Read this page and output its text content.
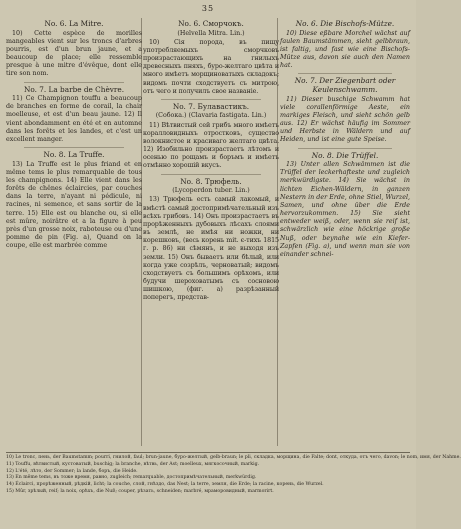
35
No. 6. La Mitre.

10) Cette espèce de morilles mangeables vient sur les troncs d'arbres pourris, est d'un brun jaune, et a beaucoup de place; elle ressemble presque à une mitre d'évêque, dont elle tire son nom.

No. 7. La barbe de Chèvre.

11) Ce Champignon touffu a beaucoup de branches en forme de corail, la chair moelleuse, et est d'un beau jaune. 12) Il vient abondamment en été et en automne dans les forêts et les landes, et c'est un excellent manger.

No. 8. La Truffe.

13) La Truffe est le plus friand et en même tems le plus remarquable de tous les champignons. 14) Elle vient dans les forêts de chênes éclaircies, par couches dans la terre, n'ayant ni pédicule, ni racines, ni semence, et sans sortir de la terre. 15) Elle est ou blanche ou, si elle est mûre, noirâtre et a la figure à peu près d'un grosse noix, raboteuse ou d'une pomme de pin (Fig. a), Quand on la coupe, elle est marbrée comme

No. 6. Сморчокъ.
(Helvella Mitra. Lin.)

10) Сія порода, въ пищу употребляемыхъ сморчковъ произрастающихъ на гнилыхъ древесныхъ пняхъ, буро-желтаго цвѣта и много имѣетъ морщиноватыхъ складокъ; видомъ почти сходствуетъ съ митрою, отъ чего и получилъ свое названіе.

No. 7. Булавастикъ.
(Собока.) (Clavaria fastigata. Lin.)

11) Вѣтвистый сей грибъ много имѣетъ коралловидныхъ отростковъ, существо волокнистое и красиваго желтаго цвѣта. 12) Изобильно произрастаетъ лѣтомъ и осенью по рощамъ и боръмъ и имѣетъ отмѣнно хорошій вкусъ.

No. 8. Трюфель.
(Lycoperdon tuber. Lin.)

13) Трюфель есть самый лакомый, и вмѣстѣ самый достопримѣчательный изъ всѣхъ грибовъ. 14) Онъ произрастаетъ въ прорѣженныхъ дубовыхъ лѣсахъ слоями въ землѣ, не имѣя ни ножки, ни корешковъ, (весь корень mit. є-тихъ 1815 г. р. 86) ни сѣмянъ, и не выходя изъ земли. 15) Онъ бываетъ или бѣлый, или когда уже созрѣлъ, черноватый; видомъ сходствуетъ съ большимъ орѣхомъ, или будучи шероховатымъ съ сосновою шишкою, (фиг. a) разрѣзанный поперегъ, представ-

No. 6. Die Bischofs-Mütze.

10) Diese eßbare Morchel wächst auf faulen Baumstämmen, sieht gelbbraun, ist faltig, und fast wie eine Bischofs-Mütze aus, davon sie auch den Namen hat.

No. 7. Der Ziegenbart oder Keulenschwamm.

11) Dieser buschige Schwamm hat viele corallenförmige Aeste, ein markiges Fleisch, und sieht schön gelb aus. 12) Er wächst häufig im Sommer und Herbste in Wäldern und auf Heiden, und ist eine gute Speise.

No. 8. Die Trüffel.

13) Unter allen Schwämmen ist die Trüffel der leckerhafteste und zugleich merkwürdigste. 14) Sie wächst in lichten Eichen-Wäldern, in ganzen Nestern in der Erde, ohne Stiel, Wurzel, Samen, und ohne über die Erde hervorzukommen. 15) Sie sieht entweder weiß, oder, wenn sie reif ist, schwärzlich wie eine höckrige große Nuß, oder beynahe wie ein Kiefer-Zapfen (Fig. a), und wenn man sie von einander schnei-

10) Le tronc, пень, der Baumstamm; pourri, гнилой, faul; brun-jaune, буро-желтый, gelb-braun; le pli, складка, морщина, die Falte; dont, откуда, отъ чего, davon; le nom, имя, der Nahme.
11) Touffu, вѣтвистый, кустоватый, buschig; la branche, вѣтвь, der Ast; moelleux, мягкосочный, markig.
12) L'été, лѣто, der Sommer; la lande, боръ, die Heide.
13) En même tems, въ тоже время, равно, zugleich; remarquable, достопримѣчательный, merkwürdig.
14) Éclairci, прорѣженный, рѣдкій, licht; la couche, слой, гнѣздо, das Nest; la terre, земля, die Erde; la racine, корень, die Wurzel.
15) Mûr, зрѣлый, reif; la noix, орѣхъ, die Nuß; couper, рѣзать, schneiden; marbré, мраморовидный, marmorirt.
